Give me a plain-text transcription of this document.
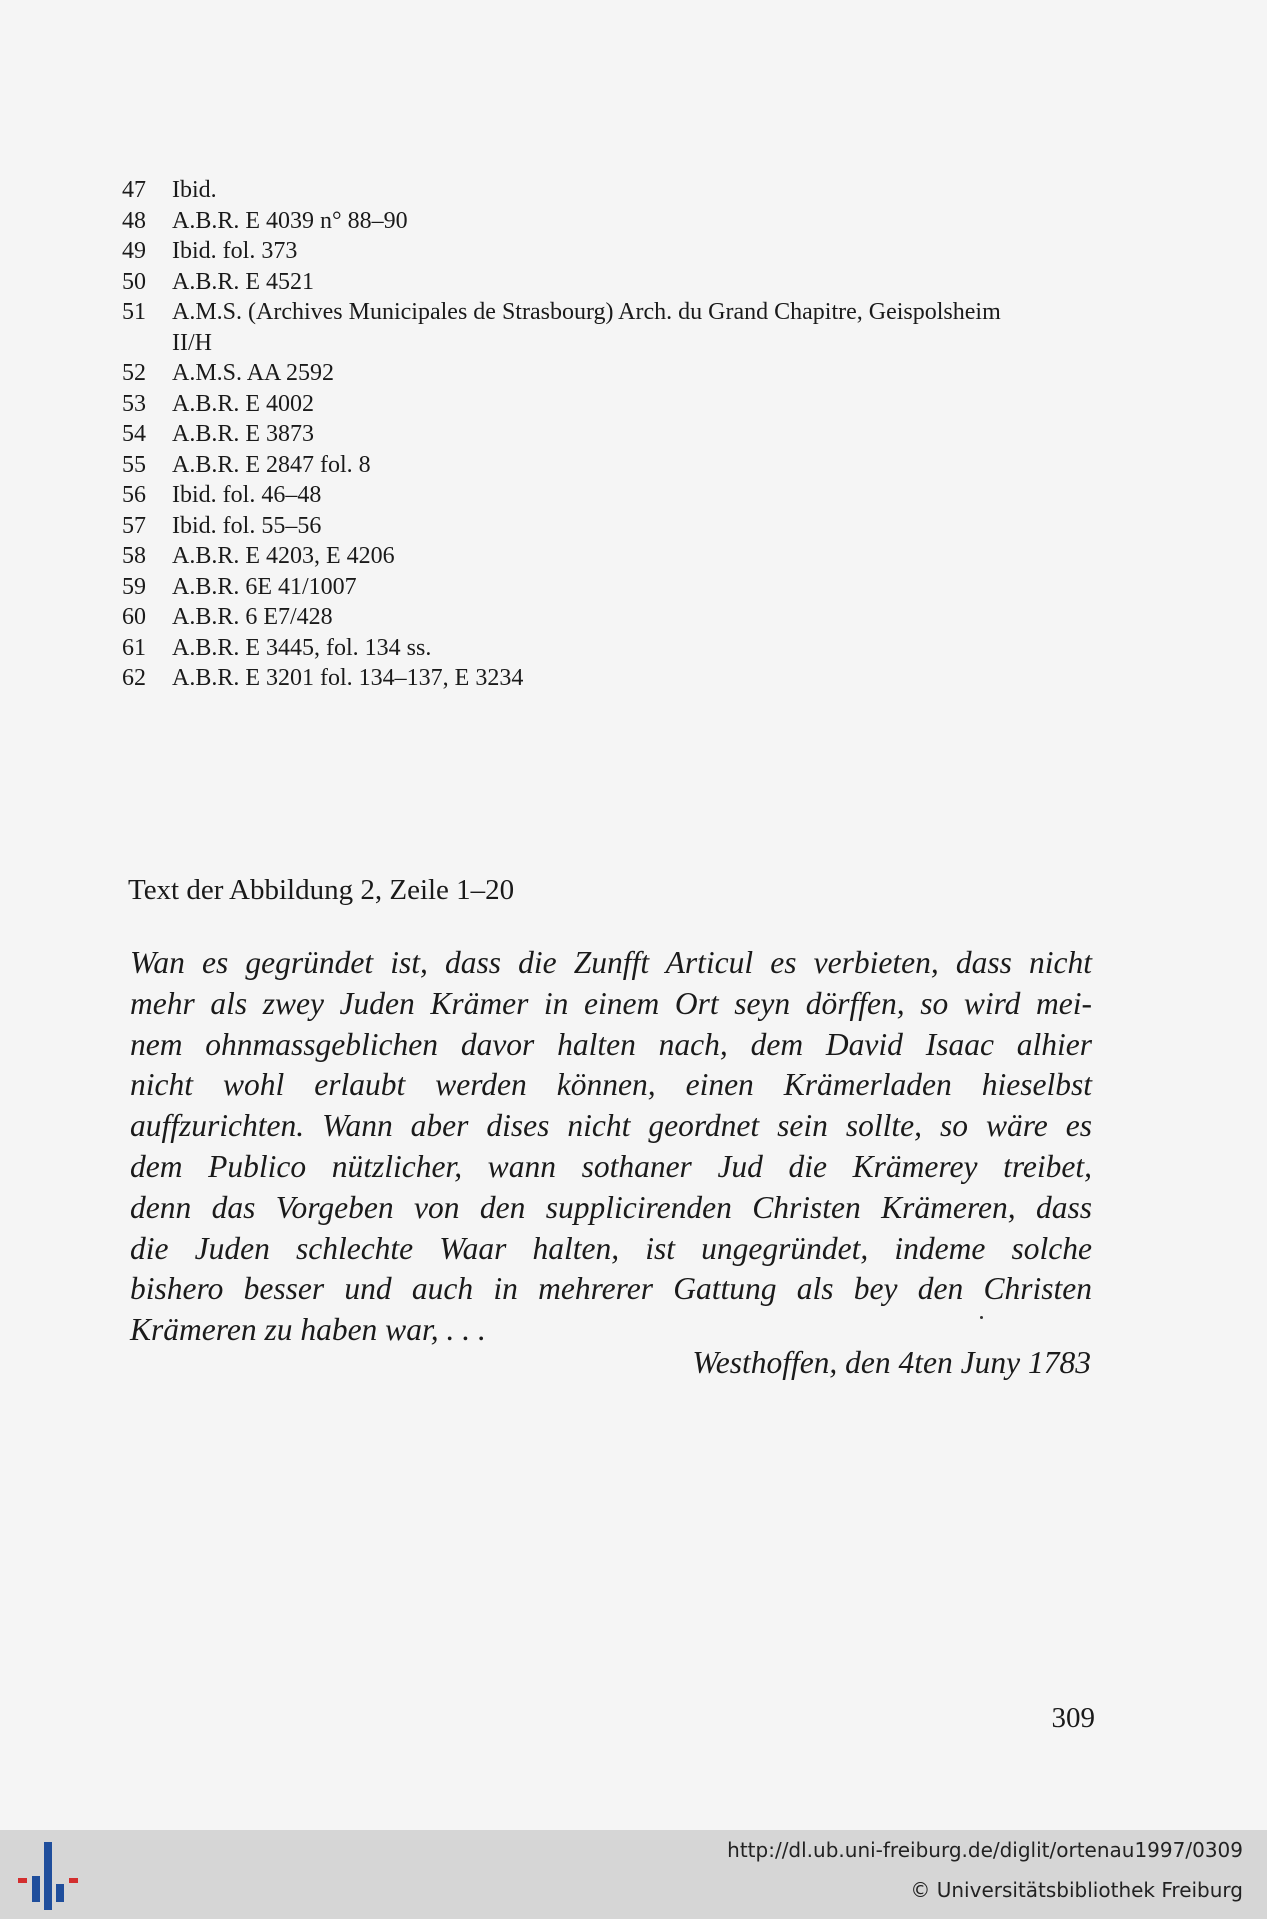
47	Ibid.
48	A.B.R. E 4039 n° 88–90
49	Ibid. fol. 373
50	A.B.R. E 4521
51	A.M.S. (Archives Municipales de Strasbourg) Arch. du Grand Chapitre, Geispolsheim
II/H
52	A.M.S. AA 2592
53	A.B.R. E 4002
54	A.B.R. E 3873
55	A.B.R. E 2847 fol. 8
56	Ibid. fol. 46–48
57	Ibid. fol. 55–56
58	A.B.R. E 4203, E 4206
59	A.B.R. 6E 41/1007
60	A.B.R. 6 E7/428
61	A.B.R. E 3445, fol. 134 ss.
62	A.B.R. E 3201 fol. 134–137, E 3234
Text der Abbildung 2, Zeile 1–20
Wan es gegründet ist, dass die Zunfft Articul es verbieten, dass nicht
mehr als zwey Juden Krämer in einem Ort seyn dörffen, so wird mei-
nem ohnmassgeblichen davor halten nach, dem David Isaac alhier
nicht wohl erlaubt werden können, einen Krämerladen hieselbst
auffzurichten. Wann aber dises nicht geordnet sein sollte, so wäre es
dem Publico nützlicher, wann sothaner Jud die Krämerey treibet,
denn das Vorgeben von den supplicirenden Christen Krämeren, dass
die Juden schlechte Waar halten, ist ungegründet, indeme solche
bishero besser und auch in mehrerer Gattung als bey den Christen
Krämeren zu haben war, . . .
Westhoffen, den 4ten Juny 1783
309
http://dl.ub.uni-freiburg.de/diglit/ortenau1997/0309
© Universitätsbibliothek Freiburg
